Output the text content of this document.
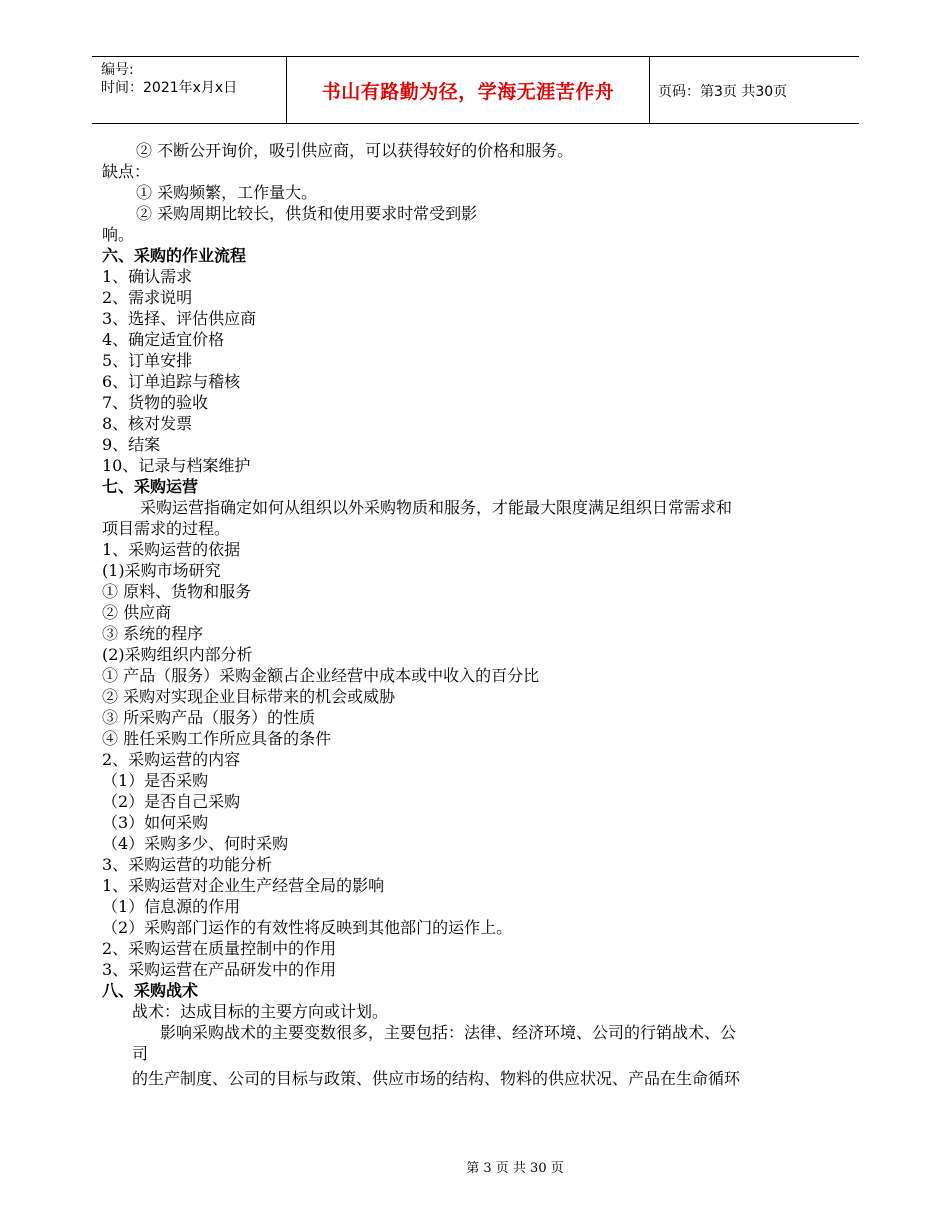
编号:
时间：2021年x月x日	书山有路勤为径，学海无涯苦作舟	页码：第3页 共30页
② 不断公开询价，吸引供应商，可以获得较好的价格和服务。
缺点：
① 采购频繁，工作量大。
② 采购周期比较长，供货和使用要求时常受到影
响。
六、采购的作业流程
1、确认需求
2、需求说明
3、选择、评估供应商
4、确定适宜价格
5、订单安排
6、订单追踪与稽核
7、货物的验收
8、核对发票
9、结案
10、记录与档案维护
七、采购运营
采购运营指确定如何从组织以外采购物质和服务，才能最大限度满足组织日常需求和
项目需求的过程。
1、采购运营的依据
(1)采购市场研究
① 原料、货物和服务
② 供应商
③ 系统的程序
(2)采购组织内部分析
① 产品（服务）采购金额占企业经营中成本或中收入的百分比
② 采购对实现企业目标带来的机会或威胁
③ 所采购产品（服务）的性质
④ 胜任采购工作所应具备的条件
2、采购运营的内容
（1）是否采购
（2）是否自己采购
（3）如何采购
（4）采购多少、何时采购
3、采购运营的功能分析
1、采购运营对企业生产经营全局的影响
（1）信息源的作用
（2）采购部门运作的有效性将反映到其他部门的运作上。
2、采购运营在质量控制中的作用
3、采购运营在产品研发中的作用
八、采购战术
战术：达成目标的主要方向或计划。
影响采购战术的主要变数很多，主要包括：法律、经济环境、公司的行销战术、公
司
的生产制度、公司的目标与政策、供应市场的结构、物料的供应状况、产品在生命循环
第 3 页 共 30 页
